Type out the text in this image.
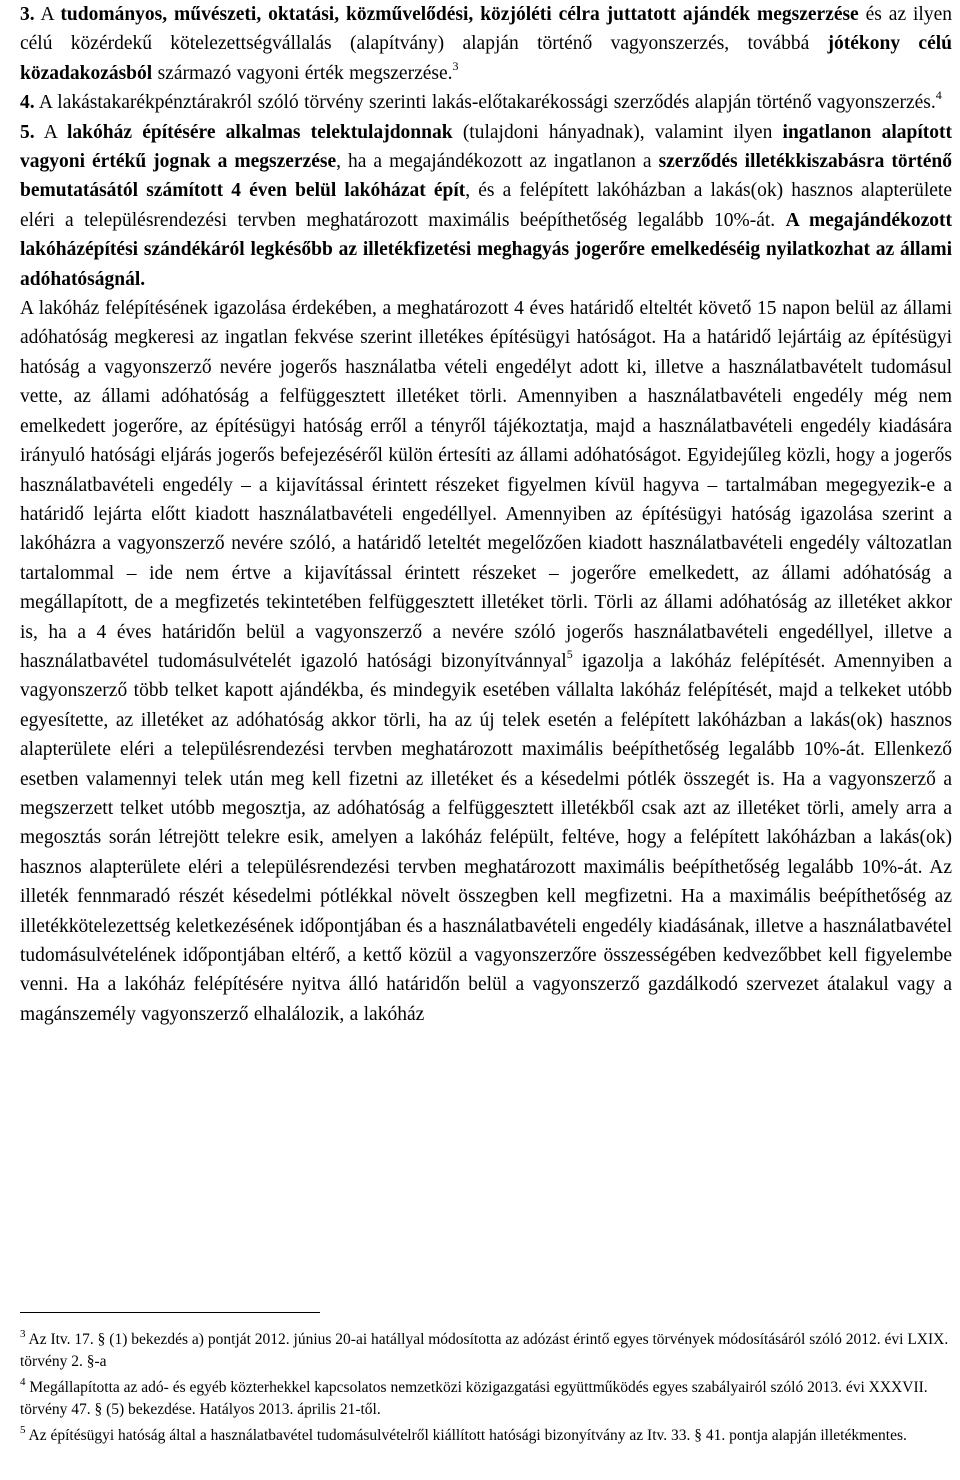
3. A tudományos, művészeti, oktatási, közművelődési, közjóléti célra juttatott ajándék megszerzése és az ilyen célú közérdekű kötelezettségvállalás (alapítvány) alapján történő vagyonszerzés, továbbá jótékony célú közadakozásból származó vagyoni érték megszerzése.$^3$

4. A lakástakarékpénztárakról szóló törvény szerinti lakás-előtakarékossági szerződés alapján történő vagyonszerzés.$^4$

5. A lakóház építésére alkalmas telektulajdonnak (tulajdoni hányadnak), valamint ilyen ingatlanon alapított vagyoni értékű jognak a megszerzése, ha a megajándékozott az ingatlanon a szerződés illetékkiszabásra történő bemutatásától számított 4 éven belül lakóházat épít, és a felépített lakóházban a lakás(ok) hasznos alapterülete eléri a településrendezési tervben meghatározott maximális beépíthetőség legalább 10%-át. A megajándékozott lakóházépítési szándékáról legkésőbb az illetékfizetési meghagyás jogerőre emelkedéséig nyilatkozhat az állami adóhatóságnál.

A lakóház felépítésének igazolása érdekében, a meghatározott 4 éves határidő elteltét követő 15 napon belül az állami adóhatóság megkeresi az ingatlan fekvése szerint illetékes építésügyi hatóságot. Ha a határidő lejártáig az építésügyi hatóság a vagyonszerző nevére jogerős használatba vételi engedélyt adott ki, illetve a használatbavételt tudomásul vette, az állami adóhatóság a felfüggesztett illetéket törli. Amennyiben a használatbavételi engedély még nem emelkedett jogerőre, az építésügyi hatóság erről a tényről tájékoztatja, majd a használatbavételi engedély kiadására irányuló hatósági eljárás jogerős befejezéséről külön értesíti az állami adóhatóságot. Egyidejűleg közli, hogy a jogerős használatbavételi engedély – a kijavítással érintett részeket figyelmen kívül hagyva – tartalmában megegyezik-e a határidő lejárta előtt kiadott használatbavételi engedéllyel. Amennyiben az építésügyi hatóság igazolása szerint a lakóházra a vagyonszerző nevére szóló, a határidő leteltét megelőzően kiadott használatbavételi engedély változatlan tartalommal – ide nem értve a kijavítással érintett részeket – jogerőre emelkedett, az állami adóhatóság a megállapított, de a megfizetés tekintetében felfüggesztett illetéket törli. Törli az állami adóhatóság az illetéket akkor is, ha a 4 éves határidőn belül a vagyonszerző a nevére szóló jogerős használatbavételi engedéllyel, illetve a használatbavétel tudomásulvételét igazoló hatósági bizonyítvánnyal$^5$ igazolja a lakóház felépítését. Amennyiben a vagyonszerző több telket kapott ajándékba, és mindegyik esetében vállalta lakóház felépítését, majd a telkeket utóbb egyesítette, az illetéket az adóhatóság akkor törli, ha az új telek esetén a felépített lakóházban a lakás(ok) hasznos alapterülete eléri a településrendezési tervben meghatározott maximális beépíthetőség legalább 10%-át. Ellenkező esetben valamennyi telek után meg kell fizetni az illetéket és a késedelmi pótlék összegét is. Ha a vagyonszerző a megszerzett telket utóbb megosztja, az adóhatóság a felfüggesztett illetékből csak azt az illetéket törli, amely arra a megosztás során létrejött telekre esik, amelyen a lakóház felépült, feltéve, hogy a felépített lakóházban a lakás(ok) hasznos alapterülete eléri a településrendezési tervben meghatározott maximális beépíthetőség legalább 10%-át. Az illeték fennmaradó részét késedelmi pótlékkal növelt összegben kell megfizetni. Ha a maximális beépíthetőség az illetékkötelezettség keletkezésének időpontjában és a használatbavételi engedély kiadásának, illetve a használatbavétel tudomásulvételének időpontjában eltérő, a kettő közül a vagyonszerzőre összességében kedvezőbbet kell figyelembe venni. Ha a lakóház felépítésére nyitva álló határidőn belül a vagyonszerző gazdálkodó szervezet átalakul vagy a magánszemély vagyonszerző elhalálozik, a lakóház

$^3$ Az Itv. 17. § (1) bekezdés a) pontját 2012. június 20-ai hatállyal módosította az adózást érintő egyes törvények módosításáról szóló 2012. évi LXIX. törvény 2. §-a

$^4$ Megállapította az adó- és egyéb közterhekkel kapcsolatos nemzetközi közigazgatási együttműködés egyes szabályairól szóló 2013. évi XXXVII. törvény 47. § (5) bekezdése. Hatályos 2013. április 21-től.

$^5$ Az építésügyi hatóság által a használatbavétel tudomásulvételről kiállított hatósági bizonyítvány az Itv. 33. § 41. pontja alapján illetékmentes.
